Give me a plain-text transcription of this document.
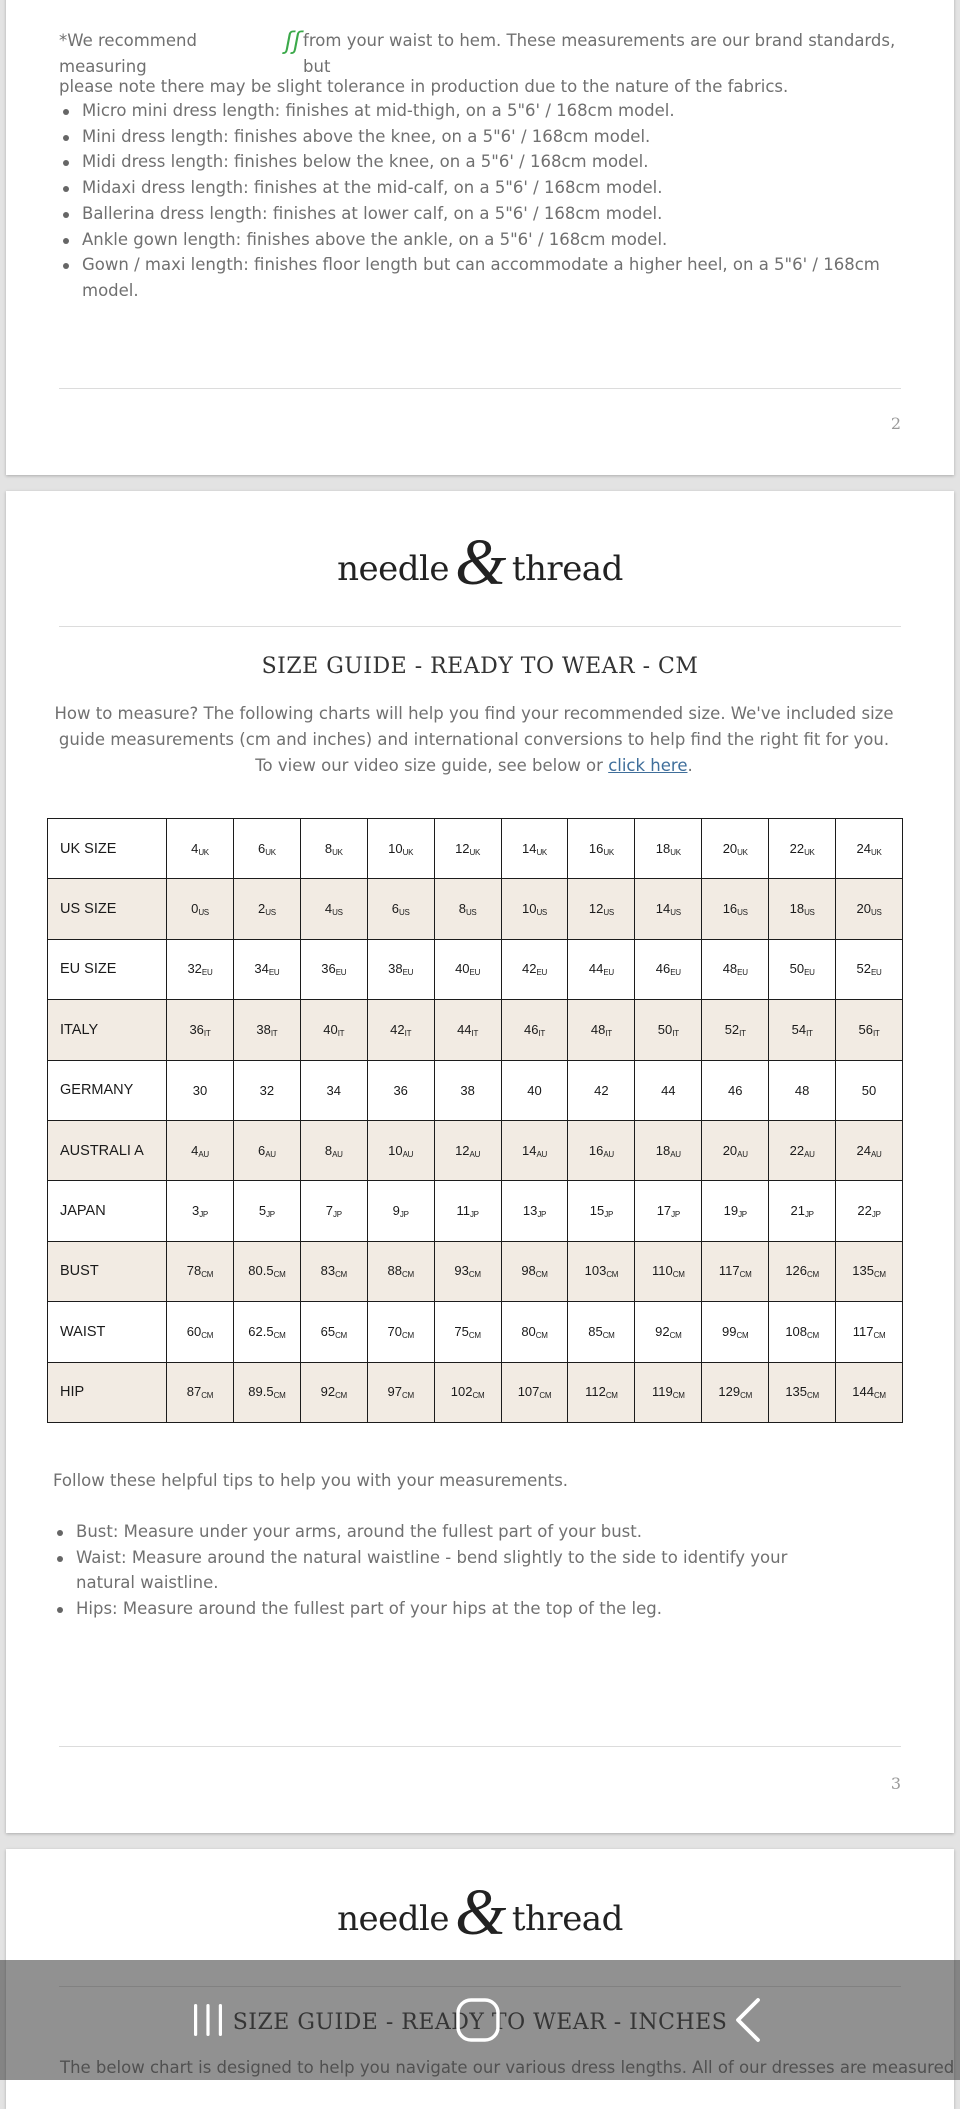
*We recommend measuring
ʃʃ from your waist to hem. These measurements are our brand standards, but
please note there may be slight tolerance in production due to the nature of the fabrics.
Micro mini dress length: finishes at mid-thigh, on a 5"6' / 168cm model.
Mini dress length: finishes above the knee, on a 5"6' / 168cm model.
Midi dress length: finishes below the knee, on a 5"6' / 168cm model.
Midaxi dress length: finishes at the mid-calf, on a 5"6' / 168cm model.
Ballerina dress length: finishes at lower calf, on a 5"6' / 168cm model.
Ankle gown length: finishes above the ankle, on a 5"6' / 168cm model.
Gown / maxi length: finishes floor length but can accommodate a higher heel, on a 5"6' / 168cm model.
2
needle& thread
SIZE GUIDE - READY TO WEAR - CM
How to measure? The following charts will help you find your recommended size. We've included size guide measurements (cm and inches) and international conversions to help find the right fit for you.
To view our video size guide, see below or click here.
UK SIZE	$4_{UK}$	$6_{UK}$	$8_{UK}$	$10_{UK}$	$12_{UK}$	$14_{UK}$	$16_{UK}$	$18_{UK}$	$20_{UK}$	$22_{UK}$	$24_{UK}$
US SIZE	$0_{US}$	$2_{US}$	$4_{US}$	$6_{US}$	$8_{US}$	$10_{US}$	$12_{US}$	$14_{US}$	$16_{US}$	$18_{US}$	$20_{US}$
EU SIZE	$32_{EU}$	$34_{EU}$	$36_{EU}$	$38_{EU}$	$40_{EU}$	$42_{EU}$	$44_{EU}$	$46_{EU}$	$48_{EU}$	$50_{EU}$	$52_{EU}$
ITALY	$36_{IT}$	$38_{IT}$	$40_{IT}$	$42_{IT}$	$44_{IT}$	$46_{IT}$	$48_{IT}$	$50_{IT}$	$52_{IT}$	$54_{IT}$	$56_{IT}$
GERMANY	30	32	34	36	38	40	42	44	46	48	50
AUSTRALI A	$4_{AU}$	$6_{AU}$	$8_{AU}$	$10_{AU}$	$12_{AU}$	$14_{AU}$	$16_{AU}$	$18_{AU}$	$20_{AU}$	$22_{AU}$	$24_{AU}$
JAPAN	$3_{JP}$	$5_{JP}$	$7_{JP}$	$9_{JP}$	$11_{JP}$	$13_{JP}$	$15_{JP}$	$17_{JP}$	$19_{JP}$	$21_{JP}$	$22_{JP}$
BUST	$78_{CM}$	$80.5_{CM}$	$83_{CM}$	$88_{CM}$	$93_{CM}$	$98_{CM}$	$103_{CM}$	$110_{CM}$	$117_{CM}$	$126_{CM}$	$135_{CM}$
WAIST	$60_{CM}$	$62.5_{CM}$	$65_{CM}$	$70_{CM}$	$75_{CM}$	$80_{CM}$	$85_{CM}$	$92_{CM}$	$99_{CM}$	$108_{CM}$	$117_{CM}$
HIP	$87_{CM}$	$89.5_{CM}$	$92_{CM}$	$97_{CM}$	$102_{CM}$	$107_{CM}$	$112_{CM}$	$119_{CM}$	$129_{CM}$	$135_{CM}$	$144_{CM}$
Follow these helpful tips to help you with your measurements.
Bust: Measure under your arms, around the fullest part of your bust.
Waist: Measure around the natural waistline - bend slightly to the side to identify your natural waistline.
Hips: Measure around the fullest part of your hips at the top of the leg.
3
needle& thread
